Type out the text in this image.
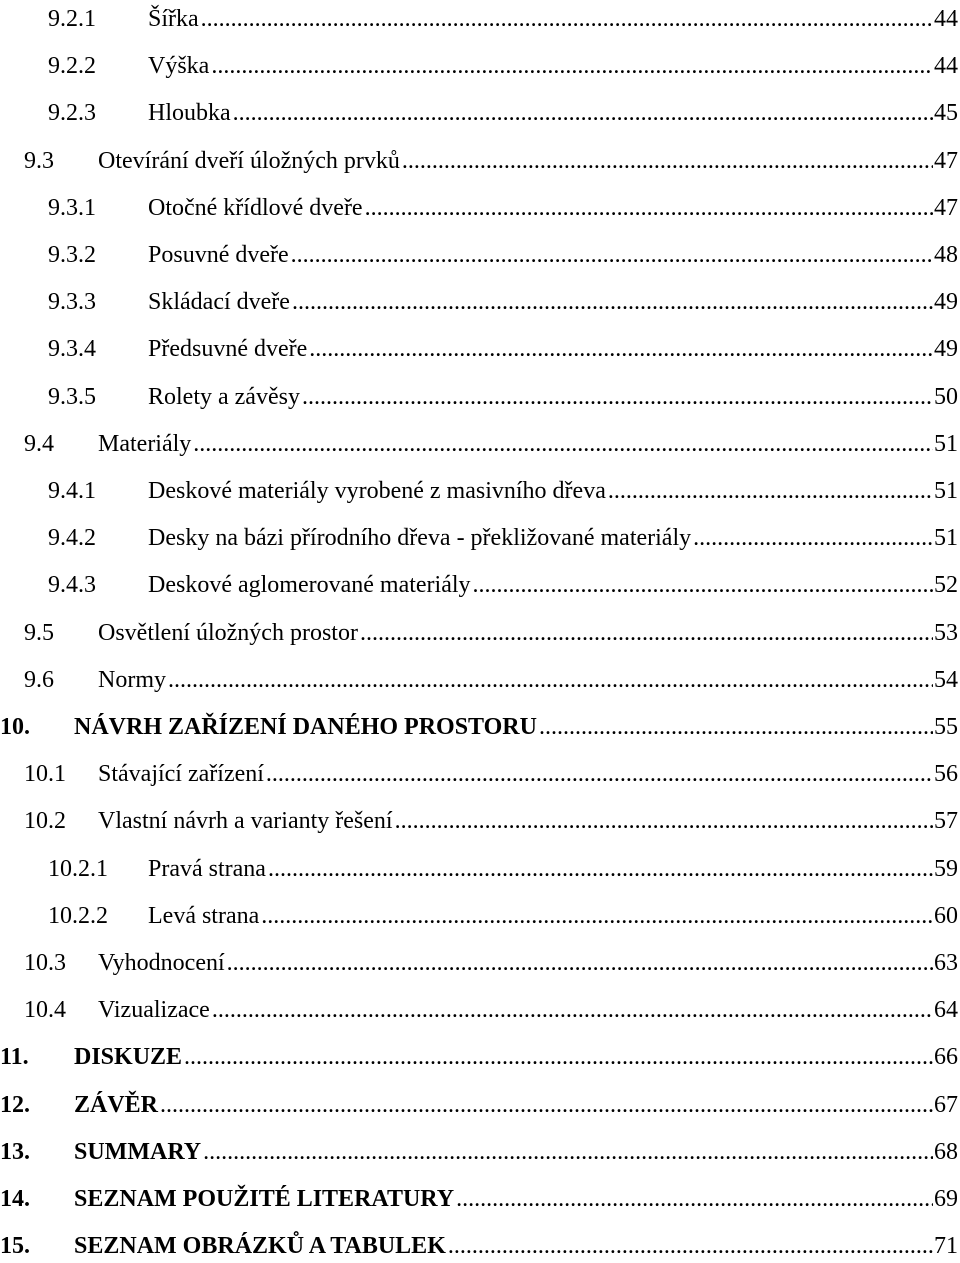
9.2.1 Šířka .....	44
9.2.2 Výška .....	44
9.2.3 Hloubka .....	45
9.3 Otevírání dveří úložných prvků .....	47
9.3.1 Otočné křídlové dveře .....	47
9.3.2 Posuvné dveře .....	48
9.3.3 Skládací dveře .....	49
9.3.4 Předsuvné dveře .....	49
9.3.5 Rolety a závěsy .....	50
9.4 Materiály .....	51
9.4.1 Deskové materiály vyrobené z masivního dřeva .....	51
9.4.2 Desky na bázi přírodního dřeva - překližované materiály .....	51
9.4.3 Deskové aglomerované materiály .....	52
9.5 Osvětlení úložných prostor .....	53
9.6 Normy .....	54
10. NÁVRH ZAŘÍZENÍ DANÉHO PROSTORU .....	55
10.1 Stávající zařízení .....	56
10.2 Vlastní návrh a varianty řešení .....	57
10.2.1 Pravá strana .....	59
10.2.2 Levá strana .....	60
10.3 Vyhodnocení .....	63
10.4 Vizualizace .....	64
11. DISKUZE .....	66
12. ZÁVĚR .....	67
13. SUMMARY .....	68
14. SEZNAM POUŽITÉ LITERATURY .....	69
15. SEZNAM OBRÁZKŮ A TABULEK .....	71
